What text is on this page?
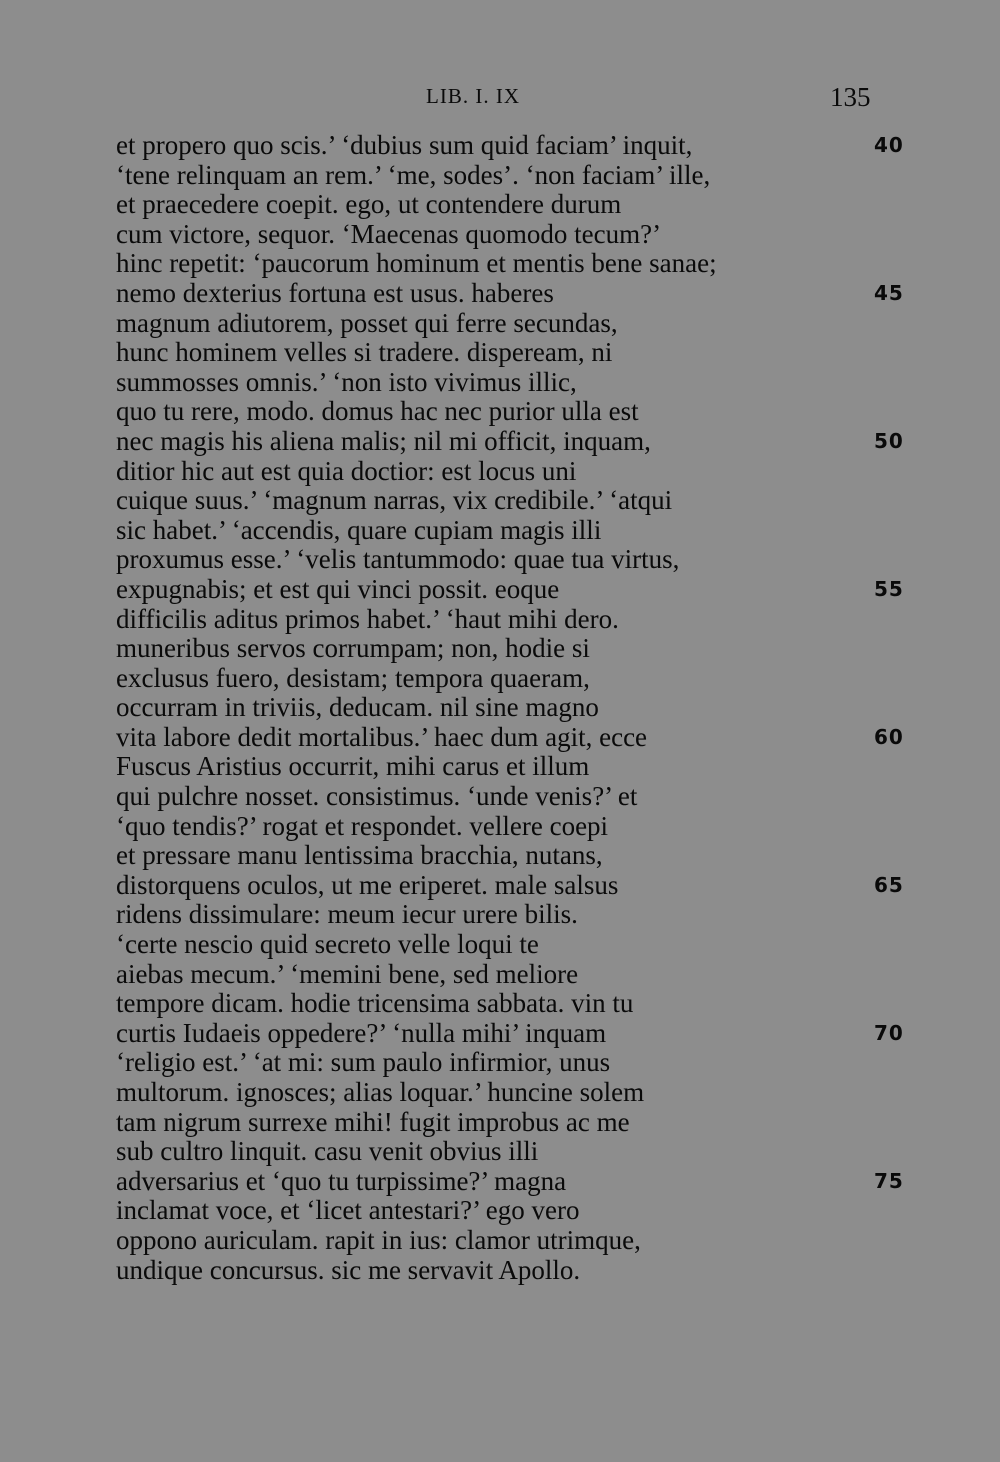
LIB. I. IX	135
et propero quo scis.’ ‘dubius sum quid faciam’ inquit,	40
‘tene relinquam an rem.’ ‘me, sodes’. ‘non faciam’ ille,
et praecedere coepit. ego, ut contendere durum
cum victore, sequor. ‘Maecenas quomodo tecum?’
hinc repetit: ‘paucorum hominum et mentis bene sanae;
nemo dexterius fortuna est usus. haberes	45
magnum adiutorem, posset qui ferre secundas,
hunc hominem velles si tradere. dispeream, ni
summosses omnis.’ ‘non isto vivimus illic,
quo tu rere, modo. domus hac nec purior ulla est
nec magis his aliena malis; nil mi officit, inquam,	50
ditior hic aut est quia doctior: est locus uni
cuique suus.’ ‘magnum narras, vix credibile.’ ‘atqui
sic habet.’ ‘accendis, quare cupiam magis illi
proxumus esse.’ ‘velis tantummodo: quae tua virtus,
expugnabis; et est qui vinci possit. eoque	55
difficilis aditus primos habet.’ ‘haut mihi dero.
muneribus servos corrumpam; non, hodie si
exclusus fuero, desistam; tempora quaeram,
occurram in triviis, deducam. nil sine magno
vita labore dedit mortalibus.’ haec dum agit, ecce	60
Fuscus Aristius occurrit, mihi carus et illum
qui pulchre nosset. consistimus. ‘unde venis?’ et
‘quo tendis?’ rogat et respondet. vellere coepi
et pressare manu lentissima bracchia, nutans,
distorquens oculos, ut me eriperet. male salsus	65
ridens dissimulare: meum iecur urere bilis.
‘certe nescio quid secreto velle loqui te
aiebas mecum.’ ‘memini bene, sed meliore
tempore dicam. hodie tricensima sabbata. vin tu
curtis Iudaeis oppedere?’ ‘nulla mihi’ inquam	70
‘religio est.’ ‘at mi: sum paulo infirmior, unus
multorum. ignosces; alias loquar.’ huncine solem
tam nigrum surrexe mihi! fugit improbus ac me
sub cultro linquit. casu venit obvius illi
adversarius et ‘quo tu turpissime?’ magna	75
inclamat voce, et ‘licet antestari?’ ego vero
oppono auriculam. rapit in ius: clamor utrimque,
undique concursus. sic me servavit Apollo.
